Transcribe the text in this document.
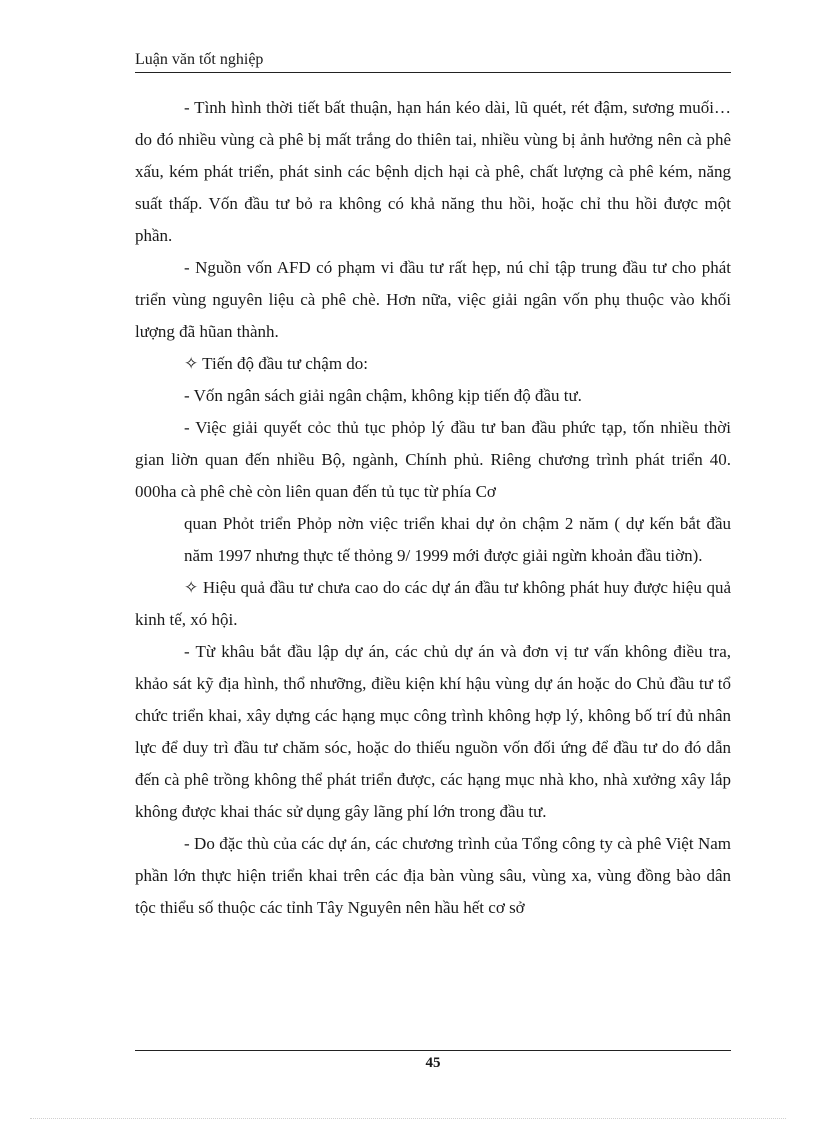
Luận văn tốt nghiệp

- Tình hình thời tiết bất thuận, hạn hán kéo dài, lũ quét, rét đậm, sương muối… do đó nhiều vùng cà phê bị mất trắng do thiên tai, nhiều vùng bị ảnh hưởng nên cà phê xấu, kém phát triển, phát sinh các bệnh dịch hại cà phê, chất lượng cà phê kém, năng suất thấp. Vốn đầu tư bỏ ra không có khả năng thu hồi, hoặc chỉ thu hồi được một phần.

- Nguồn vốn AFD có phạm vi đầu tư rất hẹp, nú chỉ tập trung đầu tư cho phát triển vùng nguyên liệu cà phê chè. Hơn nữa, việc giải ngân vốn phụ thuộc vào khối lượng đã hũan thành.

✧ Tiến độ đầu tư chậm do:

- Vốn ngân sách giải ngân chậm, không kịp tiến độ đầu tư.

- Việc giải quyết cỏc thủ tục phỏp lý đầu tư ban đầu phức tạp, tốn nhiều thời gian liờn quan đến nhiều Bộ, ngành, Chính phủ. Riêng chương trình phát triển 40. 000ha cà phê chè còn liên quan đến tủ tục từ phía Cơ

quan Phỏt triển Phỏp nờn việc triển khai dự ỏn chậm 2 năm ( dự kến bắt đầu năm 1997 nhưng thực tế thỏng 9/ 1999 mới được giải ngừn khoản đầu tiờn).

✧ Hiệu quả đầu tư chưa cao do các dự án đầu tư không phát huy được hiệu quả kinh tế, xó hội.

- Từ khâu bắt đầu lập dự án, các chủ dự án và đơn vị tư vấn không điều tra, khảo sát kỹ địa hình, thổ nhưỡng, điều kiện khí hậu vùng dự án hoặc do Chủ đầu tư tổ chức triển khai, xây dựng các hạng mục công trình không hợp lý, không bố trí đủ nhân lực để duy trì đầu tư chăm sóc, hoặc do thiếu nguồn vốn đối ứng để đầu tư do đó dẫn đến cà phê trồng không thể phát triển được, các hạng mục nhà kho, nhà xưởng xây lắp không được khai thác sử dụng gây lãng phí lớn trong đầu tư.

- Do đặc thù của các dự án, các chương trình của Tổng công ty cà phê Việt Nam phần lớn thực hiện triển khai trên các địa bàn vùng sâu, vùng xa, vùng đồng bào dân tộc thiểu số thuộc các tỉnh Tây Nguyên nên hầu hết cơ sở

45
